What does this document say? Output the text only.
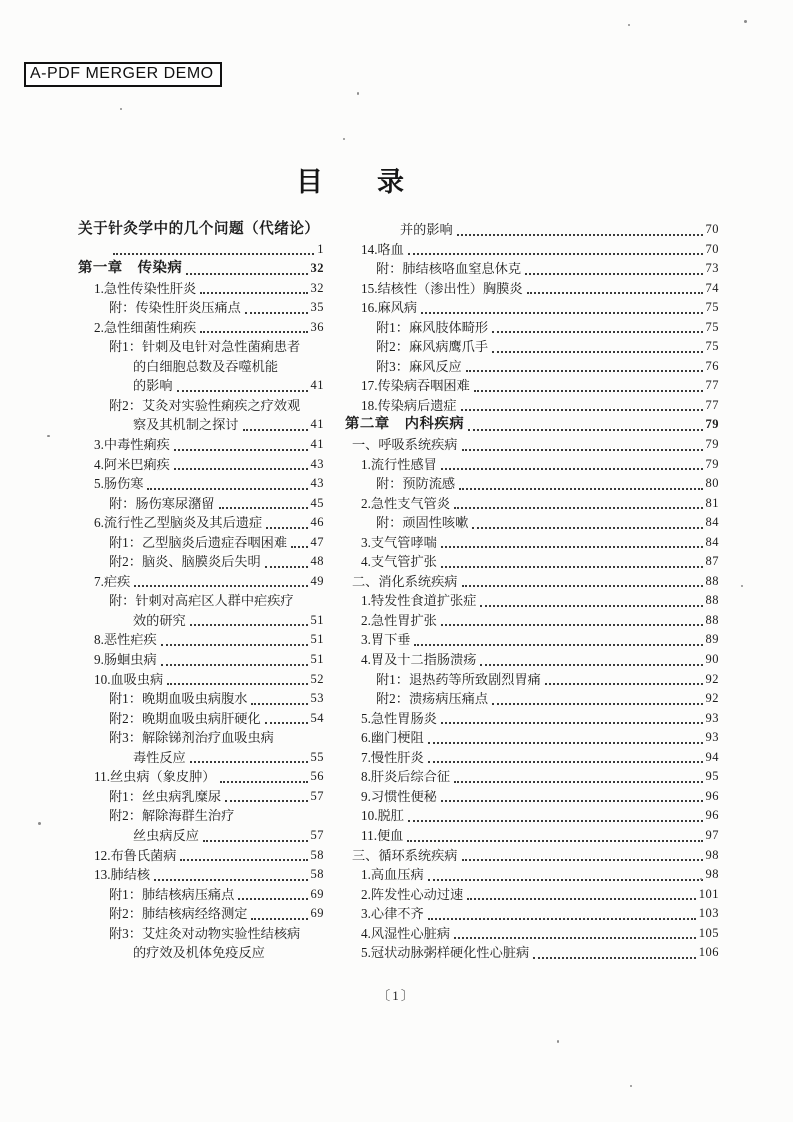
A-PDF MERGER DEMO
目　　录
关于针灸学中的几个问题（代绪论）
1
第一章　传染病	32
1.急性传染性肝炎	32
附：传染性肝炎压痛点	35
2.急性细菌性痢疾	36
附1：针刺及电针对急性菌痢患者
的白细胞总数及吞噬机能
的影响	41
附2：艾灸对实验性痢疾之疗效观
察及其机制之探讨	41
3.中毒性痢疾	41
4.阿米巴痢疾	43
5.肠伤寒	43
附：肠伤寒尿潴留	45
6.流行性乙型脑炎及其后遗症	46
附1：乙型脑炎后遗症吞咽困难 47
附2：脑炎、脑膜炎后失明	48
7.疟疾	49
附：针刺对高疟区人群中疟疾疗
效的研究	51
8.恶性疟疾	51
9.肠蛔虫病	51
10.血吸虫病	52
附1：晚期血吸虫病腹水	53
附2：晚期血吸虫病肝硬化	54
附3：解除锑剂治疗血吸虫病
毒性反应	55
11.丝虫病（象皮肿）	56
附1：丝虫病乳糜尿	57
附2：解除海群生治疗
丝虫病反应	57
12.布鲁氏菌病	58
13.肺结核	58
附1：肺结核病压痛点	69
附2：肺结核病经络测定	69
附3：艾炷灸对动物实验性结核病
的疗效及机体免疫反应
并的影响	70
14.咯血	70
附：肺结核咯血窒息休克	73
15.结核性（渗出性）胸膜炎	74
16.麻风病	75
附1：麻风肢体畸形	75
附2：麻风病鹰爪手	75
附3：麻风反应	76
17.传染病吞咽困难	77
18.传染病后遗症	77
第二章　内科疾病	79
一、呼吸系统疾病	79
1.流行性感冒	79
附：预防流感	80
2.急性支气管炎	81
附：顽固性咳嗽	84
3.支气管哮喘	84
4.支气管扩张	87
二、消化系统疾病	88
1.特发性食道扩张症	88
2.急性胃扩张	88
3.胃下垂	89
4.胃及十二指肠溃疡	90
附1：退热药等所致剧烈胃痛	92
附2：溃疡病压痛点	92
5.急性胃肠炎	93
6.幽门梗阻	93
7.慢性肝炎	94
8.肝炎后综合征	95
9.习惯性便秘	96
10.脱肛	96
11.便血	97
三、循环系统疾病	98
1.高血压病	98
2.阵发性心动过速	101
3.心律不齐	103
4.风湿性心脏病	105
5.冠状动脉粥样硬化性心脏病	106
〔1〕
